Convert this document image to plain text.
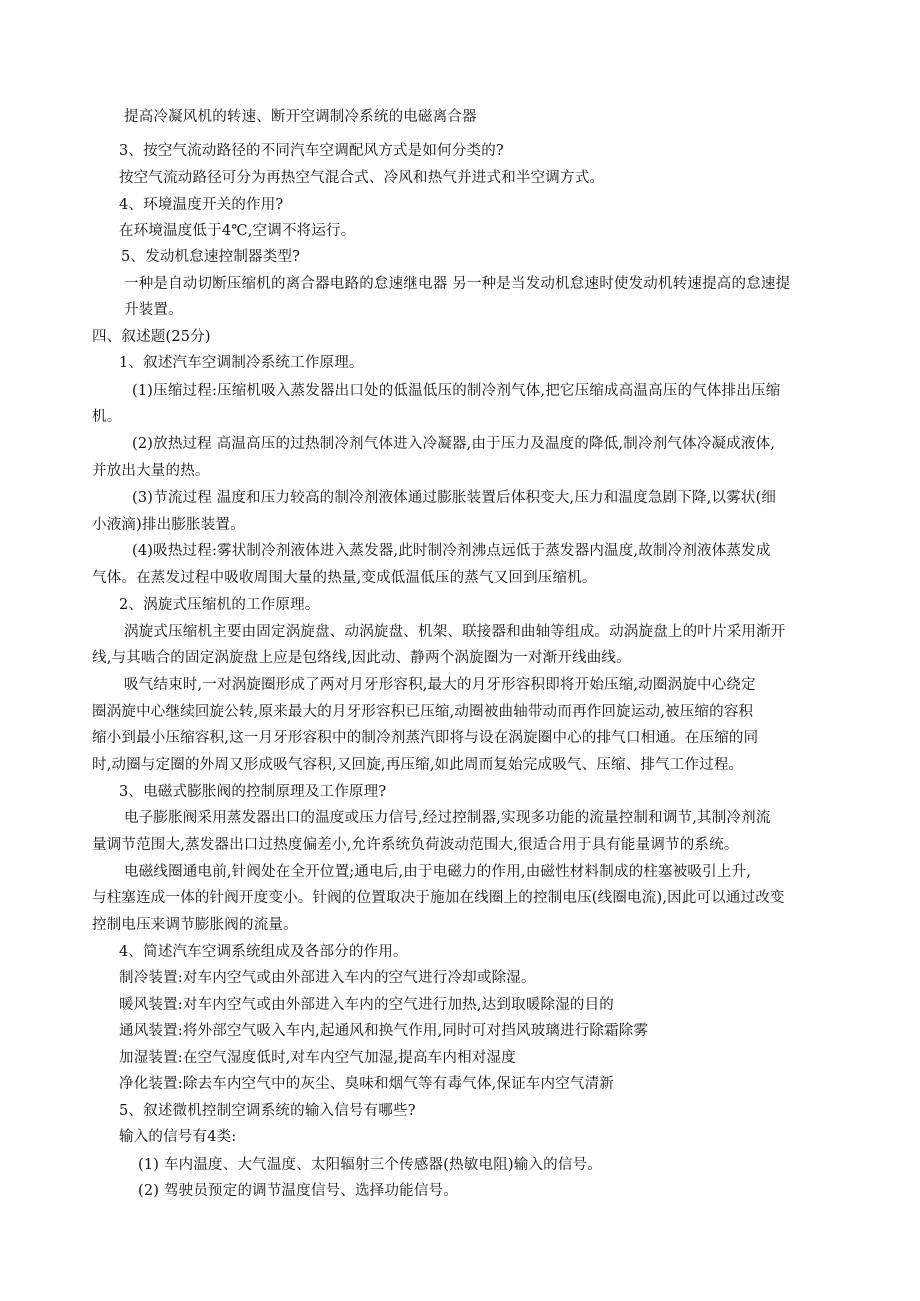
提高冷凝风机的转速、断开空调制冷系统的电磁离合器
3、按空气流动路径的不同汽车空调配风方式是如何分类的?
按空气流动路径可分为再热空气混合式、冷风和热气并进式和半空调方式。
4、环境温度开关的作用?
在环境温度低于4℃,空调不将运行。
5、发动机怠速控制器类型?
一种是自动切断压缩机的离合器电路的怠速继电器 另一种是当发动机怠速时使发动机转速提高的怠速提
升装置。
四、叙述题(25分)
1、叙述汽车空调制冷系统工作原理。
(1)压缩过程:压缩机吸入蒸发器出口处的低温低压的制冷剂气体,把它压缩成高温高压的气体排出压缩
机。
(2)放热过程 高温高压的过热制冷剂气体进入冷凝器,由于压力及温度的降低,制冷剂气体冷凝成液体,
并放出大量的热。
(3)节流过程 温度和压力较高的制冷剂液体通过膨胀装置后体积变大,压力和温度急剧下降,以雾状(细
小液滴)排出膨胀装置。
(4)吸热过程:雾状制冷剂液体进入蒸发器,此时制冷剂沸点远低于蒸发器内温度,故制冷剂液体蒸发成
气体。在蒸发过程中吸收周围大量的热量,变成低温低压的蒸气又回到压缩机。
2、涡旋式压缩机的工作原理。
涡旋式压缩机主要由固定涡旋盘、动涡旋盘、机架、联接器和曲轴等组成。动涡旋盘上的叶片采用渐开
线,与其啮合的固定涡旋盘上应是包络线,因此动、静两个涡旋圈为一对渐开线曲线。
吸气结束时,一对涡旋圈形成了两对月牙形容积,最大的月牙形容积即将开始压缩,动圈涡旋中心绕定
圈涡旋中心继续回旋公转,原来最大的月牙形容积已压缩,动圈被曲轴带动而再作回旋运动,被压缩的容积
缩小到最小压缩容积,这一月牙形容积中的制冷剂蒸汽即将与设在涡旋圈中心的排气口相通。在压缩的同
时,动圈与定圈的外周又形成吸气容积,又回旋,再压缩,如此周而复始完成吸气、压缩、排气工作过程。
3、电磁式膨胀阀的控制原理及工作原理?
电子膨胀阀采用蒸发器出口的温度或压力信号,经过控制器,实现多功能的流量控制和调节,其制冷剂流
量调节范围大,蒸发器出口过热度偏差小,允许系统负荷波动范围大,很适合用于具有能量调节的系统。
电磁线圈通电前,针阀处在全开位置;通电后,由于电磁力的作用,由磁性材料制成的柱塞被吸引上升,
与柱塞连成一体的针阀开度变小。针阀的位置取决于施加在线圈上的控制电压(线圈电流),因此可以通过改变
控制电压来调节膨胀阀的流量。
4、简述汽车空调系统组成及各部分的作用。
制冷装置:对车内空气或由外部进入车内的空气进行冷却或除湿。
暖风装置:对车内空气或由外部进入车内的空气进行加热,达到取暖除湿的目的
通风装置:将外部空气吸入车内,起通风和换气作用,同时可对挡风玻璃进行除霜除雾
加湿装置:在空气湿度低时,对车内空气加湿,提高车内相对湿度
净化装置:除去车内空气中的灰尘、臭味和烟气等有毒气体,保证车内空气清新
5、叙述微机控制空调系统的输入信号有哪些?
输入的信号有4类:
(1) 车内温度、大气温度、太阳辐射三个传感器(热敏电阻)输入的信号。
(2) 驾驶员预定的调节温度信号、选择功能信号。
